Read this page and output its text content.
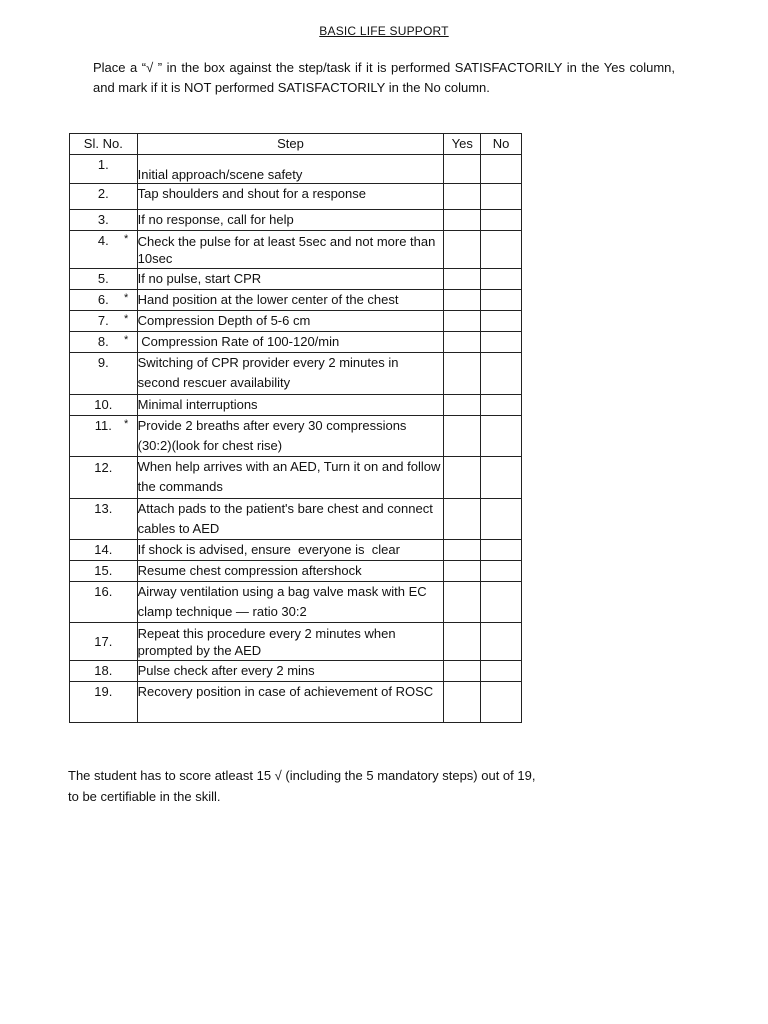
BASIC LIFE SUPPORT
Place a “√ ” in the box against the step/task if it is performed SATISFACTORILY in the Yes column, and mark if it is NOT performed SATISFACTORILY in the No column.
Sl. No.	Step	Yes	No
1.	Initial approach/scene safety		
2.	Tap shoulders and shout for a response		
3.	If no response, call for help		
4. *	Check the pulse for at least 5sec and not more than 10sec		
5.	If no pulse, start CPR		
6. *	Hand position at the lower center of the chest		
7. *	Compression Depth of 5-6 cm		
8. *	Compression Rate of 100-120/min		
9.	Switching of CPR provider every 2 minutes in second rescuer availability		
10.	Minimal interruptions		
11. *	Provide 2 breaths after every 30 compressions (30:2)(look for chest rise)		
12.	When help arrives with an AED, Turn it on and follow the commands		
13.	Attach pads to the patient's bare chest and connect cables to AED		
14.	If shock is advised, ensure  everyone is  clear		
15.	Resume chest compression aftershock		
16.	Airway ventilation using a bag valve mask with EC clamp technique — ratio 30:2		
17.	Repeat this procedure every 2 minutes when prompted by the AED		
18.	Pulse check after every 2 mins		
19.	Recovery position in case of achievement of ROSC		
The student has to score atleast 15 √ (including the 5 mandatory steps) out of 19, to be certifiable in the skill.
